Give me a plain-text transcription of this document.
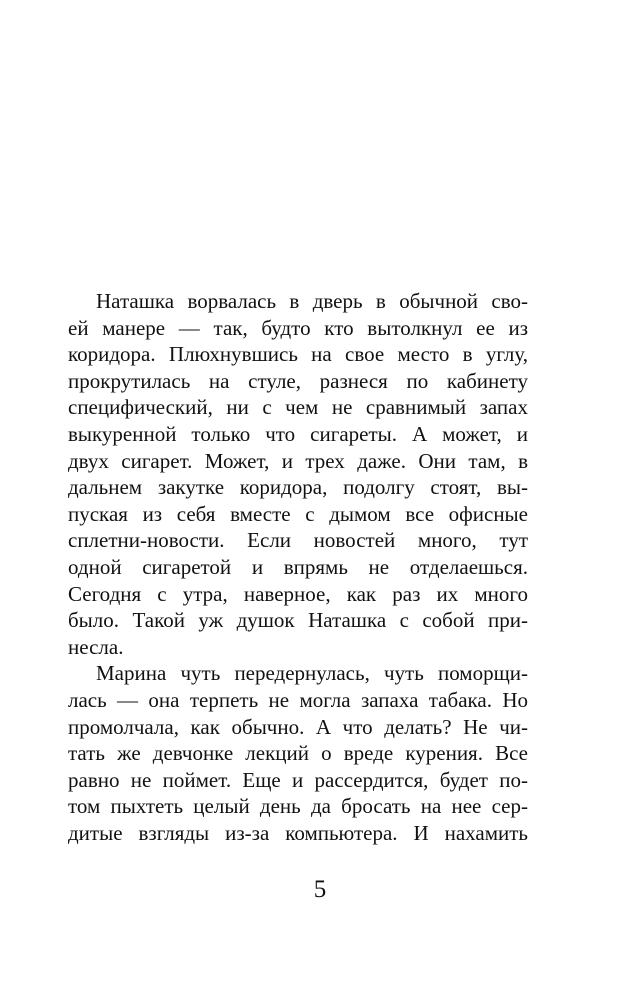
Наташка ворвалась в дверь в обычной сво-
ей манере — так, будто кто вытолкнул ее из
коридора. Плюхнувшись на свое место в углу,
прокрутилась на стуле, разнеся по кабинету
специфический, ни с чем не сравнимый запах
выкуренной только что сигареты. А может, и
двух сигарет. Может, и трех даже. Они там, в
дальнем закутке коридора, подолгу стоят, вы-
пуская из себя вместе с дымом все офисные
сплетни-новости. Если новостей много, тут
одной сигаретой и впрямь не отделаешься.
Сегодня с утра, наверное, как раз их много
было. Такой уж душок Наташка с собой при-
несла.
Марина чуть передернулась, чуть поморщи-
лась — она терпеть не могла запаха табака. Но
промолчала, как обычно. А что делать? Не чи-
тать же девчонке лекций о вреде курения. Все
равно не поймет. Еще и рассердится, будет по-
том пыхтеть целый день да бросать на нее сер-
дитые взгляды из-за компьютера. И нахамить
5
